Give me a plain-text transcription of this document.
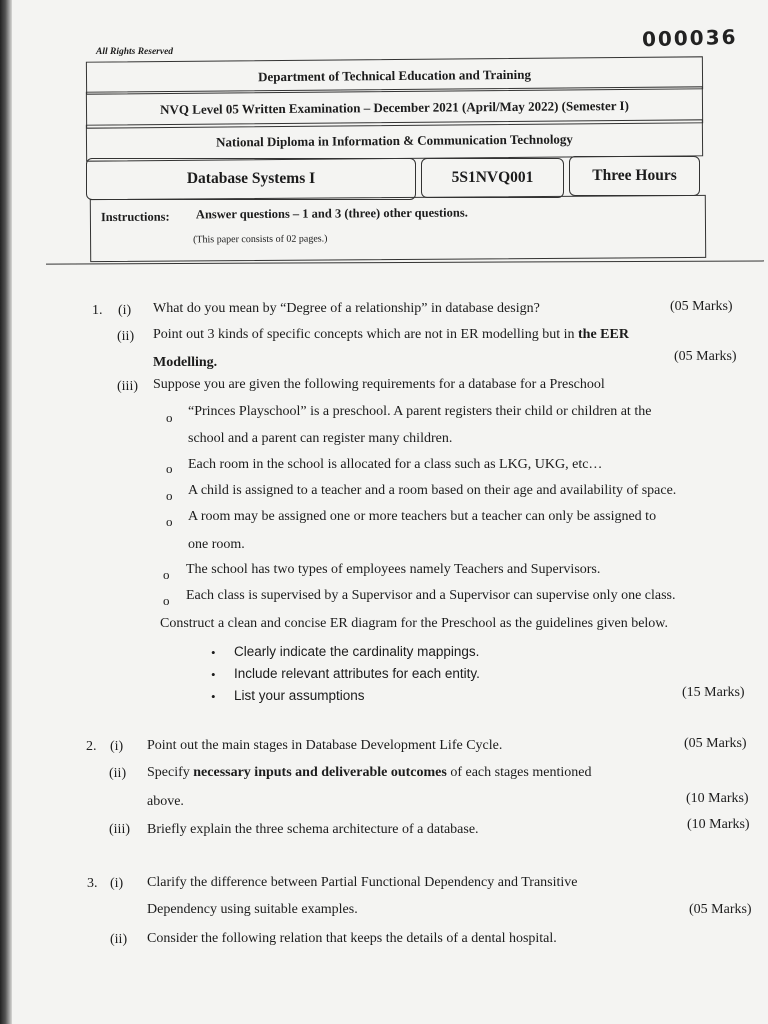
000036
All Rights Reserved
Department of Technical Education and Training
NVQ Level 05 Written Examination – December 2021 (April/May 2022) (Semester I)
National Diploma in Information & Communication Technology
Database Systems I	5S1NVQ001	Three Hours
Instructions: Answer questions – 1 and 3 (three) other questions.
(This paper consists of 02 pages.)
1. (i) What do you mean by “Degree of a relationship” in database design?	(05 Marks)
(ii) Point out 3 kinds of specific concepts which are not in ER modelling but in the EER
Modelling.	(05 Marks)
(iii) Suppose you are given the following requirements for a database for a Preschool
o “Princes Playschool” is a preschool. A parent registers their child or children at the
school and a parent can register many children.
o Each room in the school is allocated for a class such as LKG, UKG, etc…
o A child is assigned to a teacher and a room based on their age and availability of space.
o A room may be assigned one or more teachers but a teacher can only be assigned to
one room.
o The school has two types of employees namely Teachers and Supervisors.
o Each class is supervised by a Supervisor and a Supervisor can supervise only one class.
Construct a clean and concise ER diagram for the Preschool as the guidelines given below.
• Clearly indicate the cardinality mappings.
• Include relevant attributes for each entity.
• List your assumptions	(15 Marks)
2. (i) Point out the main stages in Database Development Life Cycle.	(05 Marks)
(ii) Specify necessary inputs and deliverable outcomes of each stages mentioned
above.	(10 Marks)
(iii) Briefly explain the three schema architecture of a database.	(10 Marks)
3. (i) Clarify the difference between Partial Functional Dependency and Transitive
Dependency using suitable examples.	(05 Marks)
(ii) Consider the following relation that keeps the details of a dental hospital.
